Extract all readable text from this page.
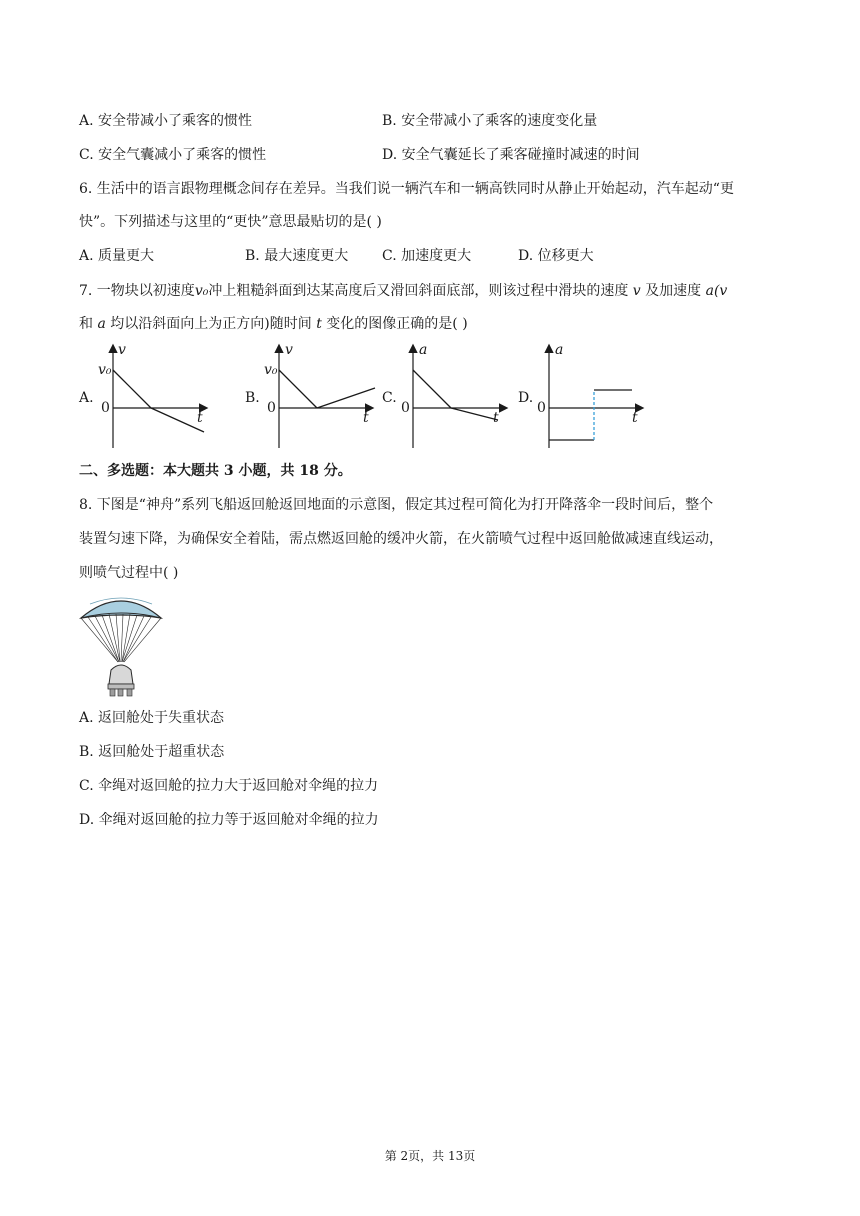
A. 安全带减小了乘客的惯性	B. 安全带减小了乘客的速度变化量
C. 安全气囊减小了乘客的惯性	D. 安全气囊延长了乘客碰撞时减速的时间
6. 生活中的语言跟物理概念间存在差异。当我们说一辆汽车和一辆高铁同时从静止开始起动，汽车起动“更
快”。下列描述与这里的“更快”意思最贴切的是( )
A. 质量更大	B. 最大速度更大 C. 加速度更大	D. 位移更大
7. 一物块以初速度v₀冲上粗糙斜面到达某高度后又滑回斜面底部，则该过程中滑块的速度 v 及加速度 a(v
和 a 均以沿斜面向上为正方向)随时间 t 变化的图像正确的是( )
A.
v
v₀
0
t
B.
v
v₀
0
t
C.
a
0
t
D.
a
0
t
二、多选题：本大题共 3 小题，共 18 分。
8. 下图是“神舟”系列飞船返回舱返回地面的示意图，假定其过程可简化为打开降落伞一段时间后，整个
装置匀速下降，为确保安全着陆，需点燃返回舱的缓冲火箭，在火箭喷气过程中返回舱做减速直线运动，
则喷气过程中( )
A. 返回舱处于失重状态
B. 返回舱处于超重状态
C. 伞绳对返回舱的拉力大于返回舱对伞绳的拉力
D. 伞绳对返回舱的拉力等于返回舱对伞绳的拉力
第 2页，共 13页
